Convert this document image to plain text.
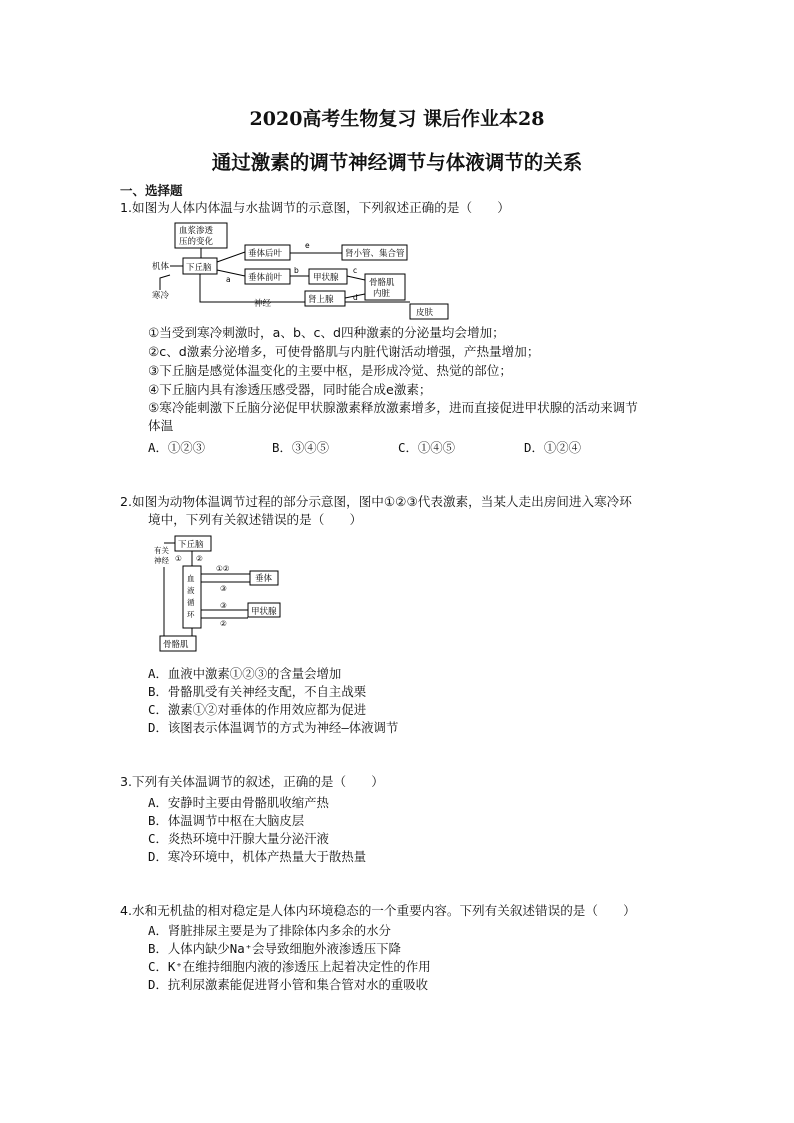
2020高考生物复习 课后作业本28
通过激素的调节神经调节与体液调节的关系
一、选择题
1.如图为人体内体温与水盐调节的示意图，下列叙述正确的是（　　）
血浆渗透
压的变化
机体
寒冷
下丘脑
垂体后叶
e
肾小管、集合管
a 垂体前叶
b
甲状腺
c
骨骼肌
内脏
神经	肾上腺	d
皮肤
①当受到寒冷刺激时，a、b、c、d四种激素的分泌量均会增加；
②c、d激素分泌增多，可使骨骼肌与内脏代谢活动增强，产热量增加；
③下丘脑是感觉体温变化的主要中枢，是形成冷觉、热觉的部位；
④下丘脑内具有渗透压感受器，同时能合成e激素；
⑤寒冷能刺激下丘脑分泌促甲状腺激素释放激素增多，进而直接促进甲状腺的活动来调节
体温
A．①②③	B．③④⑤	C．①④⑤	D．①②④
2.如图为动物体温调节过程的部分示意图，图中①②③代表激素，当某人走出房间进入寒冷环
境中，下列有关叙述错误的是（　　）
下丘脑
有关
神经 ① ②
血
液
循
环
①②
③
垂体
③
甲状腺
②
骨骼肌
A．血液中激素①②③的含量会增加
B．骨骼肌受有关神经支配，不自主战栗
C．激素①②对垂体的作用效应都为促进
D．该图表示体温调节的方式为神经—体液调节
3.下列有关体温调节的叙述，正确的是（　　）
A．安静时主要由骨骼肌收缩产热
B．体温调节中枢在大脑皮层
C．炎热环境中汗腺大量分泌汗液
D．寒冷环境中，机体产热量大于散热量
4.水和无机盐的相对稳定是人体内环境稳态的一个重要内容。下列有关叙述错误的是（　　）
A．肾脏排尿主要是为了排除体内多余的水分
B．人体内缺少Na⁺会导致细胞外液渗透压下降
C．K⁺在维持细胞内液的渗透压上起着决定性的作用
D．抗利尿激素能促进肾小管和集合管对水的重吸收
